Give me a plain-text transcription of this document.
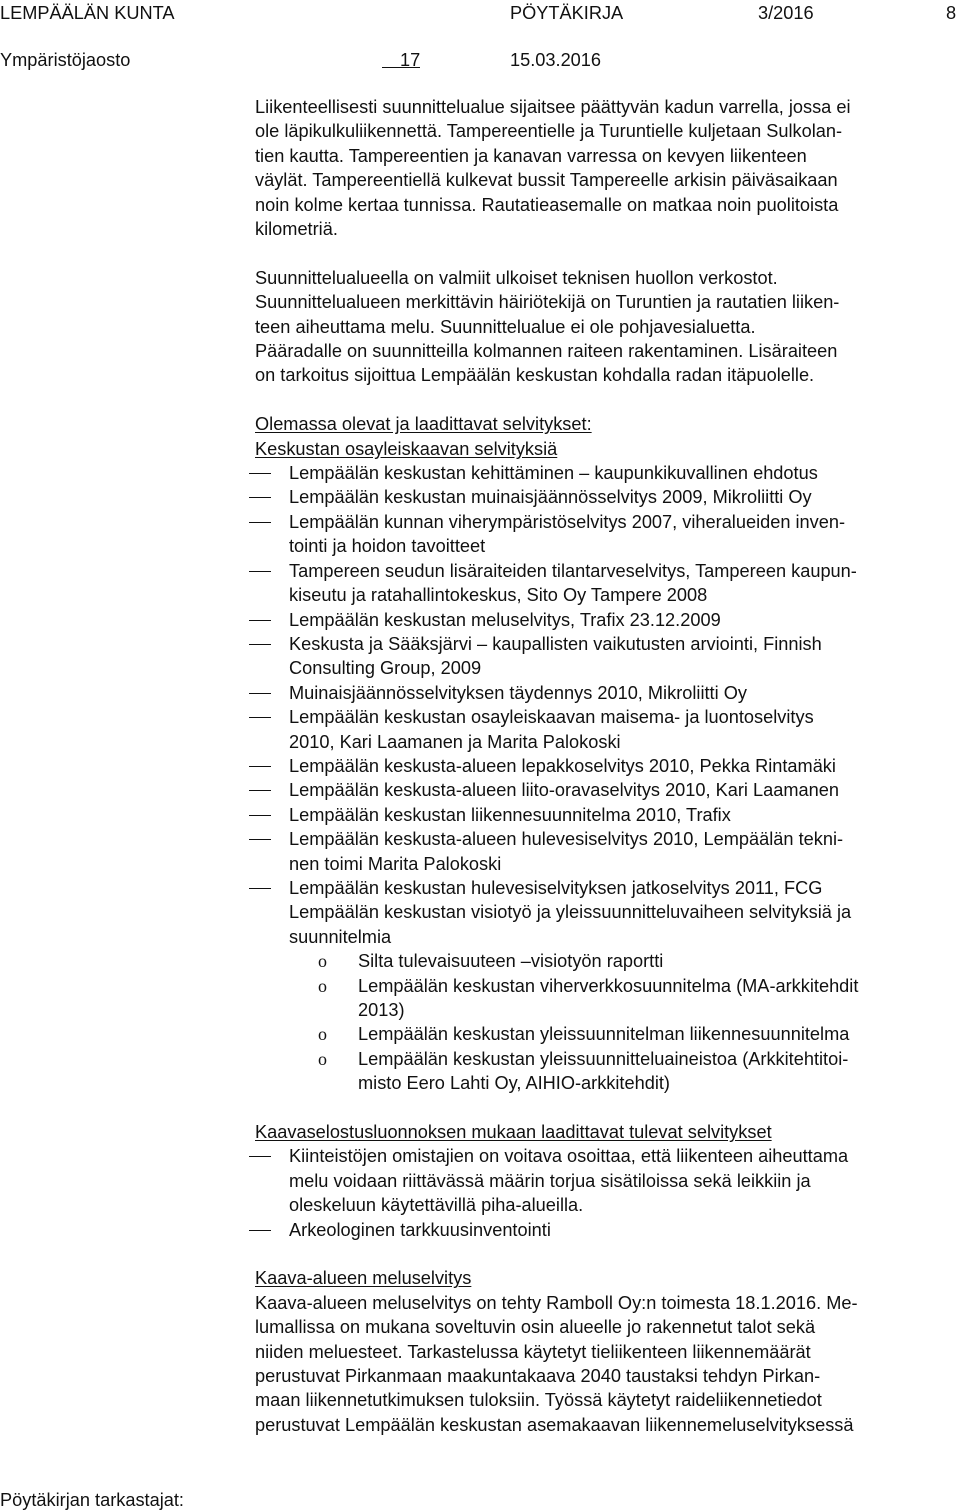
LEMPÄÄLÄN KUNTA	PÖYTÄKIRJA	3/2016	8
Ympäristöjaosto	17	15.03.2016

Liikenteellisesti suunnittelualue sijaitsee päättyvän kadun varrella, jossa ei

ole läpikulkuliikennettä. Tampereentielle ja Turuntielle kuljetaan Sulkolan-

tien kautta. Tampereentien ja kanavan varressa on kevyen liikenteen

väylät. Tampereentiellä kulkevat bussit Tampereelle arkisin päiväsaikaan

noin kolme kertaa tunnissa. Rautatieasemalle on matkaa noin puolitoista

kilometriä.

Suunnittelualueella on valmiit ulkoiset teknisen huollon verkostot.

Suunnittelualueen merkittävin häiriötekijä on Turuntien ja rautatien liiken-

teen aiheuttama melu. Suunnittelualue ei ole pohjavesialuetta.

Pääradalle on suunnitteilla kolmannen raiteen rakentaminen. Lisäraiteen

on tarkoitus sijoittua Lempäälän keskustan kohdalla radan itäpuolelle.

Olemassa olevat ja laadittavat selvitykset:

Keskustan osayleiskaavan selvityksiä

Lempäälän keskustan kehittäminen – kaupunkikuvallinen ehdotus
Lempäälän keskustan muinaisjäännösselvitys 2009, Mikroliitti Oy
Lempäälän kunnan viherympäristöselvitys 2007, viheralueiden inven-
tointi ja hoidon tavoitteet
Tampereen seudun lisäraiteiden tilantarveselvitys, Tampereen kaupun-
kiseutu ja ratahallintokeskus, Sito Oy Tampere 2008
Lempäälän keskustan meluselvitys, Trafix 23.12.2009
Keskusta ja Sääksjärvi – kaupallisten vaikutusten arviointi, Finnish
Consulting Group, 2009
Muinaisjäännösselvityksen täydennys 2010, Mikroliitti Oy
Lempäälän keskustan osayleiskaavan maisema- ja luontoselvitys
2010, Kari Laamanen ja Marita Palokoski
Lempäälän keskusta-alueen lepakkoselvitys 2010, Pekka Rintamäki
Lempäälän keskusta-alueen liito-oravaselvitys 2010, Kari Laamanen
Lempäälän keskustan liikennesuunnitelma 2010, Trafix
Lempäälän keskusta-alueen hulevesiselvitys 2010, Lempäälän tekni-
nen toimi Marita Palokoski
Lempäälän keskustan hulevesiselvityksen jatkoselvitys 2011, FCG
Lempäälän keskustan visiotyö ja yleissuunnitteluvaiheen selvityksiä ja
suunnitelmia
o Silta tulevaisuuteen –visiotyön raportti
o Lempäälän keskustan viherverkkosuunnitelma (MA-arkkitehdit
2013)
o Lempäälän keskustan yleissuunnitelman liikennesuunnitelma
o Lempäälän keskustan yleissuunnitteluaineistoa (Arkkitehtitoi-
misto Eero Lahti Oy, AIHIO-arkkitehdit)

Kaavaselostusluonnoksen mukaan laadittavat tulevat selvitykset

Kiinteistöjen omistajien on voitava osoittaa, että liikenteen aiheuttama
melu voidaan riittävässä määrin torjua sisätiloissa sekä leikkiin ja
oleskeluun käytettävillä piha-alueilla.
Arkeologinen tarkkuusinventointi

Kaava-alueen meluselvitys

Kaava-alueen meluselvitys on tehty Ramboll Oy:n toimesta 18.1.2016. Me-

lumallissa on mukana soveltuvin osin alueelle jo rakennetut talot sekä

niiden meluesteet. Tarkastelussa käytetyt tieliikenteen liikennemäärät

perustuvat Pirkanmaan maakuntakaava 2040 taustaksi tehdyn Pirkan-

maan liikennetutkimuksen tuloksiin. Työssä käytetyt raideliikennetiedot

perustuvat Lempäälän keskustan asemakaavan liikennemeluselvityksessä

Pöytäkirjan tarkastajat:
